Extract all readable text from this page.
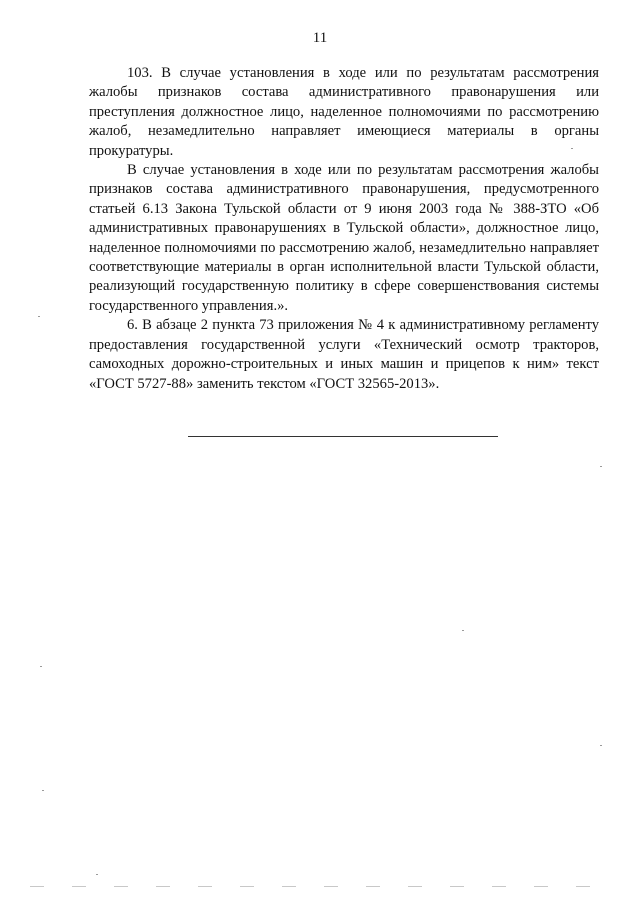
11

103. В случае установления в ходе или по результатам рассмотрения жалобы признаков состава административного правонарушения или преступления должностное лицо, наделенное полномочиями по рассмотрению жалоб, незамедлительно направляет имеющиеся материалы в органы прокуратуры.

В случае установления в ходе или по результатам рассмотрения жалобы признаков состава административного правонарушения, предусмотренного статьей 6.13 Закона Тульской области от 9 июня 2003 года № 388-ЗТО «Об административных правонарушениях в Тульской области», должностное лицо, наделенное полномочиями по рассмотрению жалоб, незамедлительно направляет соответствующие материалы в орган исполнительной власти Тульской области, реализующий государственную политику в сфере совершенствования системы государственного управления.».

6. В абзаце 2 пункта 73 приложения № 4 к административному регламенту предоставления государственной услуги «Технический осмотр тракторов, самоходных дорожно-строительных и иных машин и прицепов к ним» текст «ГОСТ 5727-88» заменить текстом «ГОСТ 32565-2013».
